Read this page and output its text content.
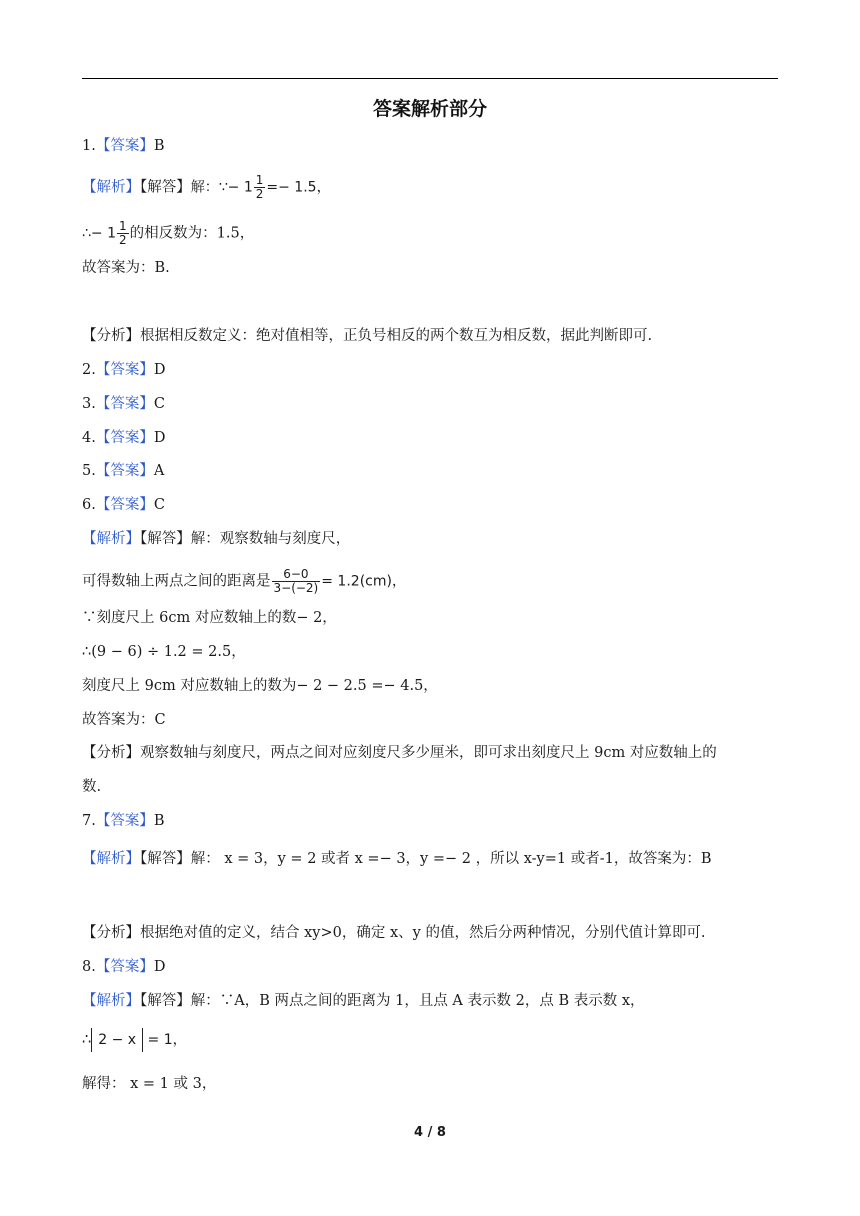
答案解析部分
1.【答案】B
【解析】【解答】解：∵− $1 \frac{1}{2} =- 1.5$，
∴− $1 \frac{1}{2}$ 的相反数为：1.5，
故答案为：B.
【分析】根据相反数定义：绝对值相等，正负号相反的两个数互为相反数，据此判断即可.
2.【答案】D
3.【答案】C
4.【答案】D
5.【答案】A
6.【答案】C
【解析】【解答】解：观察数轴与刻度尺，
可得数轴上两点之间的距离是 $\frac{6-0}{3-(-2)} = 1.2(cm)$，
∵刻度尺上 6cm 对应数轴上的数− 2，
∴(9 − 6) ÷ 1.2 = 2.5，
刻度尺上 9cm 对应数轴上的数为− 2 − 2.5 =− 4.5，
故答案为：C
【分析】观察数轴与刻度尺，两点之间对应刻度尺多少厘米，即可求出刻度尺上 9cm 对应数轴上的
数.
7.【答案】B
【解析】【解答】解： x = 3，y = 2 或者 x =− 3，y =− 2 ，所以 x-y=1 或者-1，故答案为：B
【分析】根据绝对值的定义，结合 xy>0，确定 x、y 的值，然后分两种情况，分别代值计算即可.
8.【答案】D
【解析】【解答】解：∵A，B 两点之间的距离为 1，且点 A 表示数 2，点 B 表示数 x，
∴ 2 − x = 1，
解得： x = 1 或 3，
4 / 8
